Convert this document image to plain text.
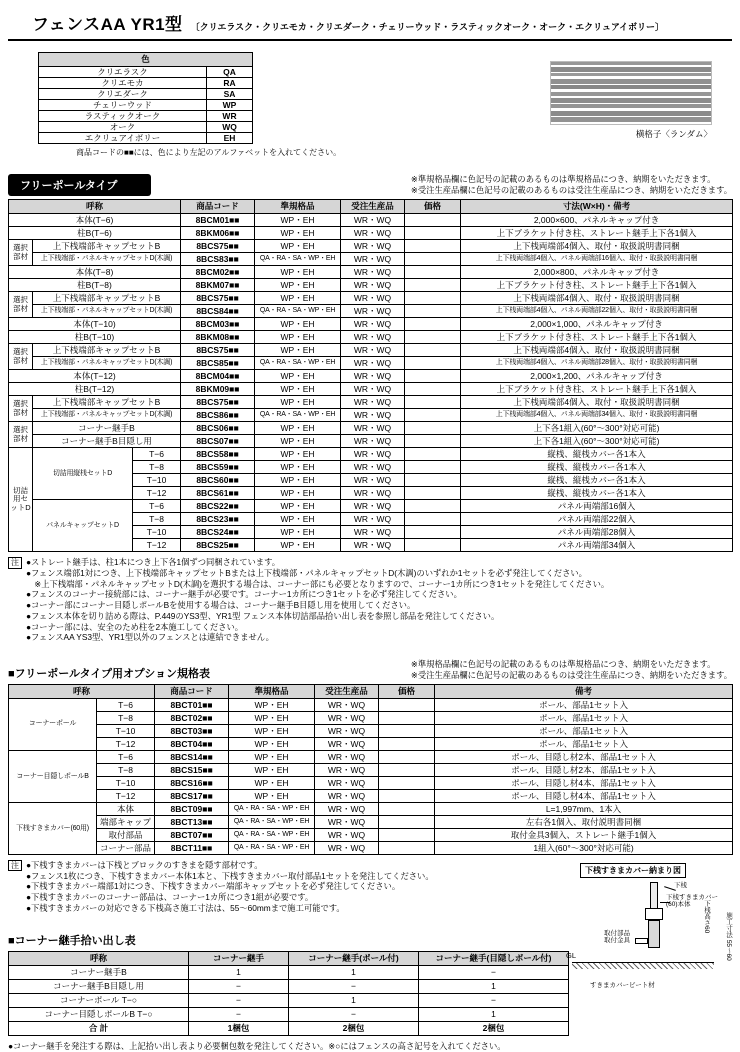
フェンスAA YR1型 〔クリエラスク・クリエモカ・クリエダーク・チェリーウッド・ラスティックオーク・オーク・エクリュアイボリー〕
色	
クリエラスク	QA
クリエモカ	RA
クリエダーク	SA
チェリーウッド	WP
ラスティックオーク	WR
オーク	WQ
エクリュアイボリー	EH
商品コードの■■には、色により左記のアルファベットを入れてください。
横格子〈ランダム〉
フリーポールタイプ
※準規格品欄に色記号の記載のあるものは準規格品につき、納期をいただきます。
※受注生産品欄に色記号の記載のあるものは受注生産品につき、納期をいただきます。
呼称			商品コード	準規格品	受注生産品	価格	寸法(W×H)・備考
本体(T−6)			8BCM01■■	WP・EH	WR・WQ		2,000×600、パネルキャップ付き
柱B(T−6)			8BKM06■■	WP・EH	WR・WQ		上下ブラケット付き柱、ストレート継手上下各1個入
選択部材	上下桟端部キャップセットB		8BCS75■■	WP・EH	WR・WQ		上下桟両端部4個入、取付・取扱説明書同梱
	上下桟端部・パネルキャップセットD(木調)		8BCS83■■	QA・RA・SA・WP・EH	WR・WQ		上下桟両端部4個入、パネル両端部16個入、取付・取扱説明書同梱
本体(T−8)			8BCM02■■	WP・EH	WR・WQ		2,000×800、パネルキャップ付き
柱B(T−8)			8BKM07■■	WP・EH	WR・WQ		上下ブラケット付き柱、ストレート継手上下各1個入
選択部材	上下桟端部キャップセットB		8BCS75■■	WP・EH	WR・WQ		上下桟両端部4個入、取付・取扱説明書同梱
	上下桟端部・パネルキャップセットD(木調)		8BCS84■■	QA・RA・SA・WP・EH	WR・WQ		上下桟両端部4個入、パネル両端部22個入、取付・取扱説明書同梱
本体(T−10)			8BCM03■■	WP・EH	WR・WQ		2,000×1,000、パネルキャップ付き
柱B(T−10)			8BKM08■■	WP・EH	WR・WQ		上下ブラケット付き柱、ストレート継手上下各1個入
選択部材	上下桟端部キャップセットB		8BCS75■■	WP・EH	WR・WQ		上下桟両端部4個入、取付・取扱説明書同梱
	上下桟端部・パネルキャップセットD(木調)		8BCS85■■	QA・RA・SA・WP・EH	WR・WQ		上下桟両端部4個入、パネル両端部28個入、取付・取扱説明書同梱
本体(T−12)			8BCM04■■	WP・EH	WR・WQ		2,000×1,200、パネルキャップ付き
柱B(T−12)			8BKM09■■	WP・EH	WR・WQ		上下ブラケット付き柱、ストレート継手上下各1個入
選択部材	上下桟端部キャップセットB		8BCS75■■	WP・EH	WR・WQ		上下桟両端部4個入、取付・取扱説明書同梱
	上下桟端部・パネルキャップセットD(木調)		8BCS86■■	QA・RA・SA・WP・EH	WR・WQ		上下桟両端部4個入、パネル両端部34個入、取付・取扱説明書同梱
選択部材	コーナー継手B		8BCS06■■	WP・EH	WR・WQ		上下各1組入(60°〜300°対応可能)
	コーナー継手B目隠し用		8BCS07■■	WP・EH	WR・WQ		上下各1組入(60°〜300°対応可能)
切詰用セットD	切詰用縦桟セットD	T−6	8BCS58■■	WP・EH	WR・WQ		縦桟、縦桟カバー各1本入
		T−8	8BCS59■■	WP・EH	WR・WQ		縦桟、縦桟カバー各1本入
		T−10	8BCS60■■	WP・EH	WR・WQ		縦桟、縦桟カバー各1本入
		T−12	8BCS61■■	WP・EH	WR・WQ		縦桟、縦桟カバー各1本入
	パネルキャップセットD	T−6	8BCS22■■	WP・EH	WR・WQ		パネル両端部16個入
		T−8	8BCS23■■	WP・EH	WR・WQ		パネル両端部22個入
		T−10	8BCS24■■	WP・EH	WR・WQ		パネル両端部28個入
		T−12	8BCS25■■	WP・EH	WR・WQ		パネル両端部34個入
注 ●ストレート継手は、柱1本につき上下各1個ずつ同梱されています。
●フェンス端部1対につき、上下桟端部キャップセットBまたは上下桟端部・パネルキャップセットD(木調)のいずれか1セットを必ず発注してください。
　※上下桟端部・パネルキャップセットD(木調)を選択する場合は、コーナー部にも必要となりますので、コーナー1カ所につき1セットを発注してください。
●フェンスのコーナー接続部には、コーナー継手が必要です。コーナー1カ所につき1セットを必ず発注してください。
●コーナー部にコーナー目隠しポールBを使用する場合は、コーナー継手B目隠し用を使用してください。
●フェンス本体を切り詰める際は、P.449のYS3型、YR1型 フェンス本体切詰部品拾い出し表を参照し部品を発注してください。
●コーナー部には、安全のため柱を2本施工してください。
●フェンスAA YS3型、YR1型以外のフェンスとは連結できません。
■フリーポールタイプ用オプション規格表
※準規格品欄に色記号の記載のあるものは準規格品につき、納期をいただきます。
※受注生産品欄に色記号の記載のあるものは受注生産品につき、納期をいただきます。
呼称		商品コード	準規格品	受注生産品	価格	備考
コーナーポール	T−6	8BCT01■■	WP・EH	WR・WQ		ポール、部品1セット入
	T−8	8BCT02■■	WP・EH	WR・WQ		ポール、部品1セット入
	T−10	8BCT03■■	WP・EH	WR・WQ		ポール、部品1セット入
	T−12	8BCT04■■	WP・EH	WR・WQ		ポール、部品1セット入
コーナー目隠しポールB	T−6	8BCS14■■	WP・EH	WR・WQ		ポール、目隠し材2本、部品1セット入
	T−8	8BCS15■■	WP・EH	WR・WQ		ポール、目隠し材2本、部品1セット入
	T−10	8BCS16■■	WP・EH	WR・WQ		ポール、目隠し材4本、部品1セット入
	T−12	8BCS17■■	WP・EH	WR・WQ		ポール、目隠し材4本、部品1セット入
下桟すきまカバー(60用)	本体	8BCT09■■	QA・RA・SA・WP・EH	WR・WQ		L=1,997mm、1本入
	端部キャップ	8BCT13■■	QA・RA・SA・WP・EH	WR・WQ		左右各1個入、取付説明書同梱
	取付部品	8BCT07■■	QA・RA・SA・WP・EH	WR・WQ		取付金具3個入、ストレート継手1個入
	コーナー部品	8BCT11■■	QA・RA・SA・WP・EH	WR・WQ		1組入(60°〜300°対応可能)
注 ●下桟すきまカバーは下桟とブロックのすきまを隠す部材です。
●フェンス1枚につき、下桟すきまカバー本体1本と、下桟すきまカバー取付部品1セットを発注してください。
●下桟すきまカバー端部1対につき、下桟すきまカバー端部キャップセットを必ず発注してください。
●下桟すきまカバーのコーナー部品は、コーナー1カ所につき1組が必要です。
●下桟すきまカバーの対応できる下桟高さ施工寸法は、55〜60mmまで施工可能です。
■コーナー継手拾い出し表
呼称	コーナー継手	コーナー継手(ポール付)	コーナー継手(目隠しポール付)
コーナー継手B	1	1	−
コーナー継手B目隠し用	−	−	1
コーナーポール T−○	−	1	−
コーナー目隠しポールB T−○	−	−	1
合 計	1梱包	2梱包	2梱包
●コーナー継手を発注する際は、上記拾い出し表より必要梱包数を発注してください。※○にはフェンスの高さ記号を入れてください。
下桟すきまカバー納まり図
下桟
下桟すきまカバー(60)本体
取付部品
取付金具
GL
下桟高さ60 施工寸法 55〜60
すきまカバービート材
